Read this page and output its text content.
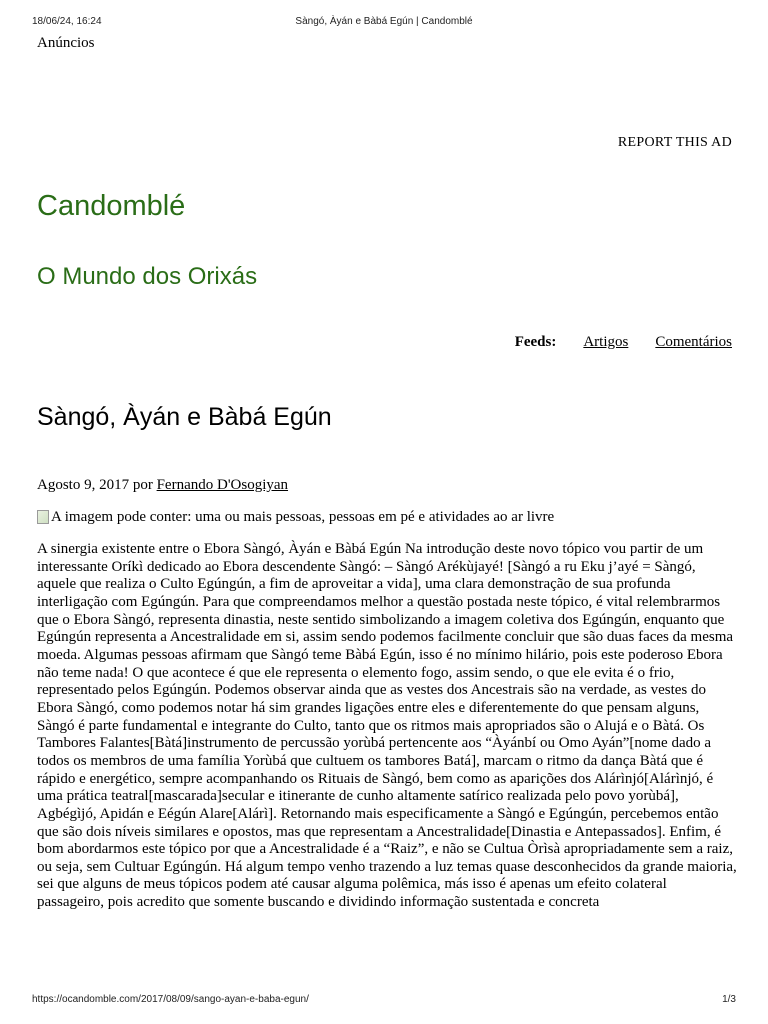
18/06/24, 16:24	Sàngó, Àyán e Bàbá Egún | Candomblé
Anúncios
REPORT THIS AD
Candomblé
O Mundo dos Orixás
Feeds: Artigos Comentários
Sàngó, Àyán e Bàbá Egún
Agosto 9, 2017 por Fernando D'Osogiyan
A imagem pode conter: uma ou mais pessoas, pessoas em pé e atividades ao ar livre

A sinergia existente entre o Ebora Sàngó, Àyán e Bàbá Egún Na introdução deste novo tópico vou partir de um interessante Oríkì dedicado ao Ebora descendente Sàngó: – Sàngó Arékùjayé! [Sàngó a ru Eku j’ayé = Sàngó, aquele que realiza o Culto Egúngún, a fim de aproveitar a vida], uma clara demonstração de sua profunda interligação com Egúngún. Para que compreendamos melhor a questão postada neste tópico, é vital relembrarmos que o Ebora Sàngó, representa dinastia, neste sentido simbolizando a imagem coletiva dos Egúngún, enquanto que Egúngún representa a Ancestralidade em si, assim sendo podemos facilmente concluir que são duas faces da mesma moeda. Algumas pessoas afirmam que Sàngó teme Bàbá Egún, isso é no mínimo hilário, pois este poderoso Ebora não teme nada! O que acontece é que ele representa o elemento fogo, assim sendo, o que ele evita é o frio, representado pelos Egúngún. Podemos observar ainda que as vestes dos Ancestrais são na verdade, as vestes do Ebora Sàngó, como podemos notar há sim grandes ligações entre eles e diferentemente do que pensam alguns, Sàngó é parte fundamental e integrante do Culto, tanto que os ritmos mais apropriados são o Alujá e o Bàtá. Os Tambores Falantes[Bàtá]instrumento de percussão yorùbá pertencente aos “Àyánbí ou Omo Ayán”[nome dado a todos os membros de uma família Yorùbá que cultuem os tambores Batá], marcam o ritmo da dança Bàtá que é rápido e energético, sempre acompanhando os Rituais de Sàngó, bem como as aparições dos Alárìnjó[Alárìnjó, é uma prática teatral[mascarada]secular e itinerante de cunho altamente satírico realizada pelo povo yorùbá], Agbégìjó, Apidán e Eégún Alare[Alárì]. Retornando mais especificamente a Sàngó e Egúngún, percebemos então que são dois níveis similares e opostos, mas que representam a Ancestralidade[Dinastia e Antepassados]. Enfim, é bom abordarmos este tópico por que a Ancestralidade é a “Raiz”, e não se Cultua Òrìsà apropriadamente sem a raiz, ou seja, sem Cultuar Egúngún. Há algum tempo venho trazendo a luz temas quase desconhecidos da grande maioria, sei que alguns de meus tópicos podem até causar alguma polêmica, más isso é apenas um efeito colateral passageiro, pois acredito que somente buscando e dividindo informação sustentada e concreta

https://ocandomble.com/2017/08/09/sango-ayan-e-baba-egun/	1/3
